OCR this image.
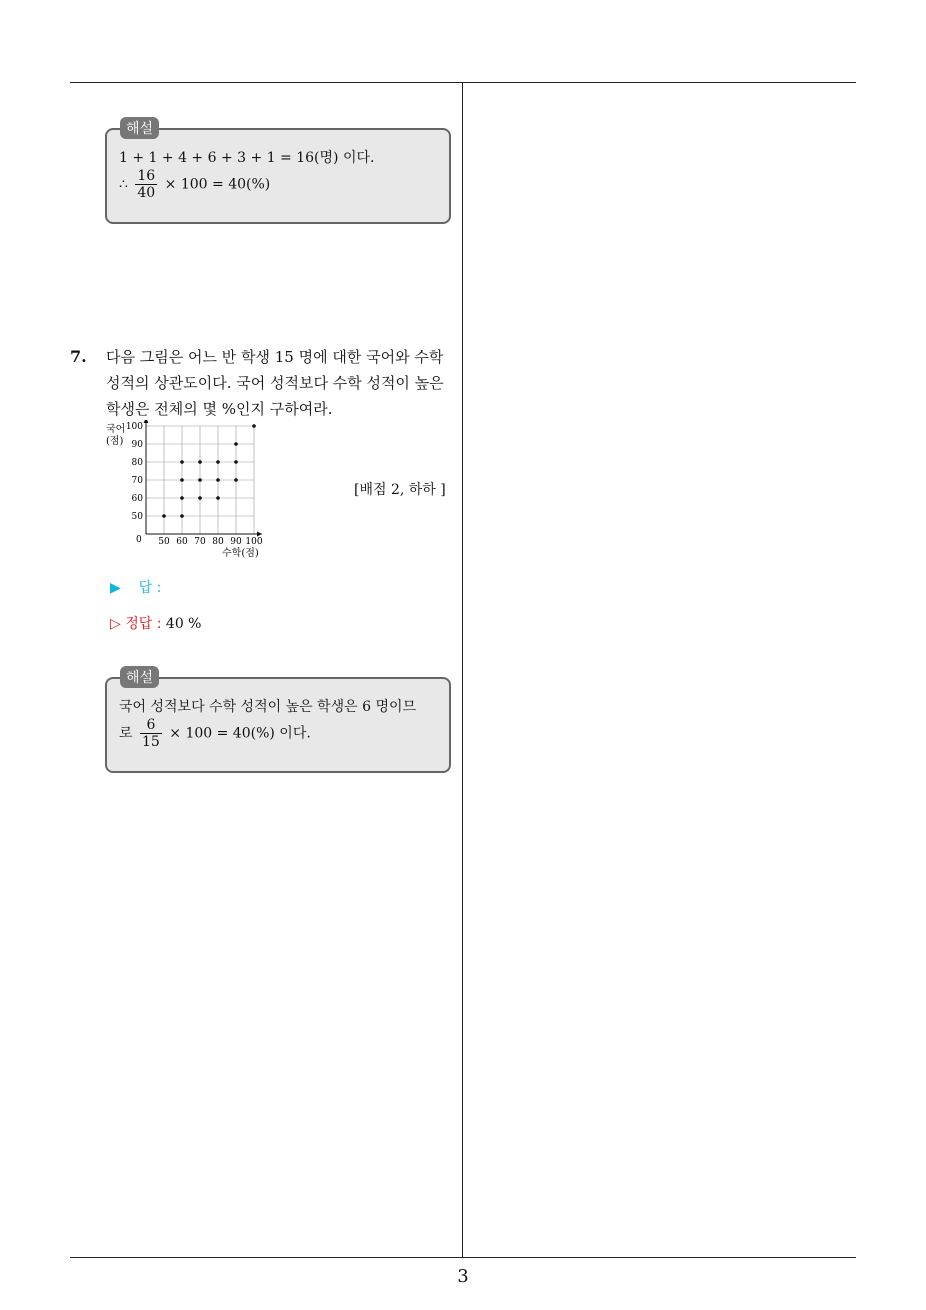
1 + 1 + 4 + 6 + 3 + 1 = 16(명) 이다.
∴ $\frac{16}{40} \times 100 = 40(\%)$
해설
7. 다음 그림은 어느 반 학생 15 명에 대한 국어와 수학 성적의 상관도이다. 국어 성적보다 수학 성적이 높은 학생은 전체의 몇 %인지 구하여라.
국어
(점)
0
수학(점)
50 60 70 80 90 100
50
60
70
80
90
100
[배점 2, 하하 ]
▶ 답 :
▷ 정답 : 40 %
국어 성적보다 수학 성적이 높은 학생은 6 명이므
로 $\frac{6}{15} \times 100 = 40(\%)$ 이다.
해설
3
